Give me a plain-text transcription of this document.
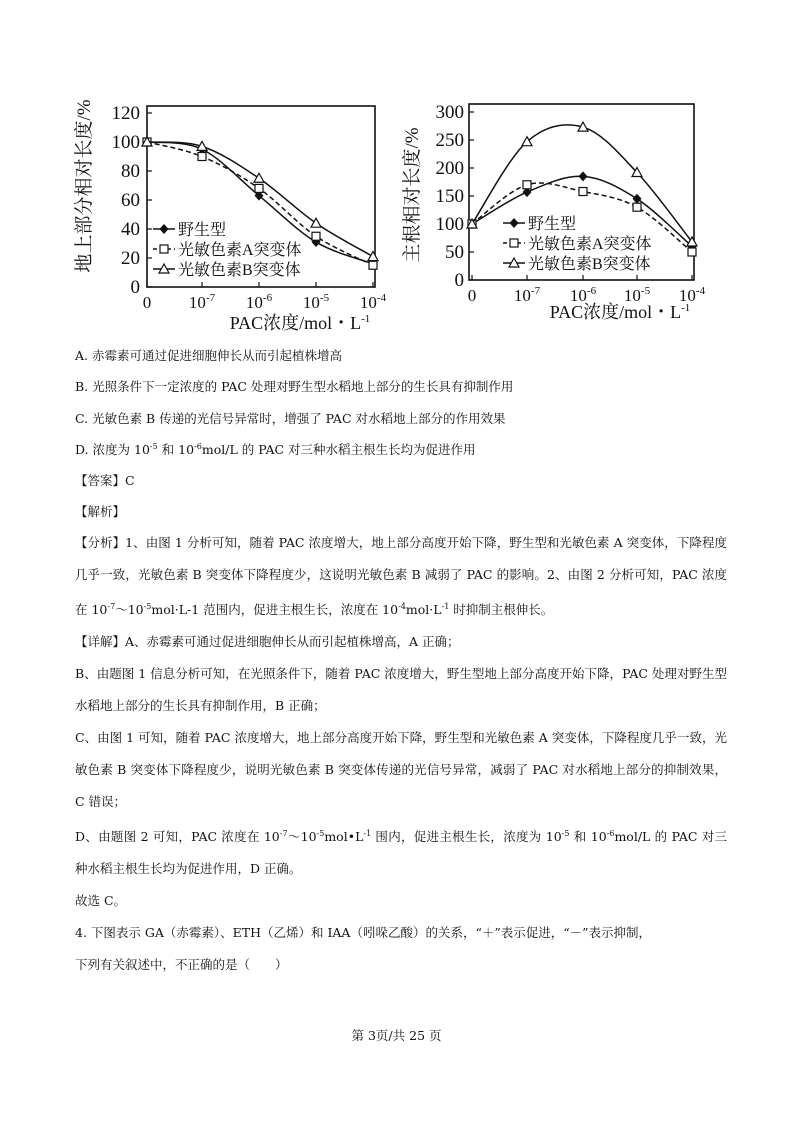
0
20
40
60
80
100
120
0 $10^{-7}$ $10^{-6}$ $10^{-5}$ $10^{-4}$
野生型
光敏色素A突变体
光敏色素B突变体
地上部分相对长度/%
PAC浓度/mol・$L^{-1}$
0
50
100
150
200
250
300
0 $10^{-7}$ $10^{-6}$ $10^{-5}$ $10^{-4}$
野生型
光敏色素A突变体
光敏色素B突变体
主根相对长度/%
PAC浓度/mol・$L^{-1}$
A. 赤霉素可通过促进细胞伸长从而引起植株增高
B. 光照条件下一定浓度的 PAC 处理对野生型水稻地上部分的生长具有抑制作用
C. 光敏色素 B 传递的光信号异常时，增强了 PAC 对水稻地上部分的作用效果
D. 浓度为 $10^{-5}$ 和 $10^{-6}mol/L$ 的 PAC 对三种水稻主根生长均为促进作用
【答案】C
【解析】
【分析】1、由图 1 分析可知，随着 PAC 浓度增大，地上部分高度开始下降，野生型和光敏色素 A 突变体，下降程度几乎一致，光敏色素 B 突变体下降程度少，这说明光敏色素 B 减弱了 PAC 的影响。2、由图 2 分析可知，PAC 浓度在 $10^{-7}\sim 10^{-5}mol\cdot L-1$ 范围内，促进主根生长，浓度在 $10^{-4}mol\cdot L^{-1}$ 时抑制主根伸长。
【详解】A、赤霉素可通过促进细胞伸长从而引起植株增高，A 正确；
B、由题图 1 信息分析可知，在光照条件下，随着 PAC 浓度增大，野生型地上部分高度开始下降，PAC 处理对野生型水稻地上部分的生长具有抑制作用，B 正确；
C、由图 1 可知，随着 PAC 浓度增大，地上部分高度开始下降，野生型和光敏色素 A 突变体，下降程度几乎一致，光敏色素 B 突变体下降程度少，说明光敏色素 B 突变体传递的光信号异常，减弱了 PAC 对水稻地上部分的抑制效果，C 错误；
D、由题图 2 可知，PAC 浓度在 $10^{-7}\sim 10^{-5}mol•L^{-1}$ 围内，促进主根生长，浓度为 $10^{-5}$ 和 $10^{-6}mol/L$ 的 PAC 对三种水稻主根生长均为促进作用，D 正确。
故选 C。
4. 下图表示 GA（赤霉素）、ETH（乙烯）和 IAA（吲哚乙酸）的关系，“＋”表示促进，“－”表示抑制，
下列有关叙述中，不正确的是（　　）
第 3页/共 25 页
